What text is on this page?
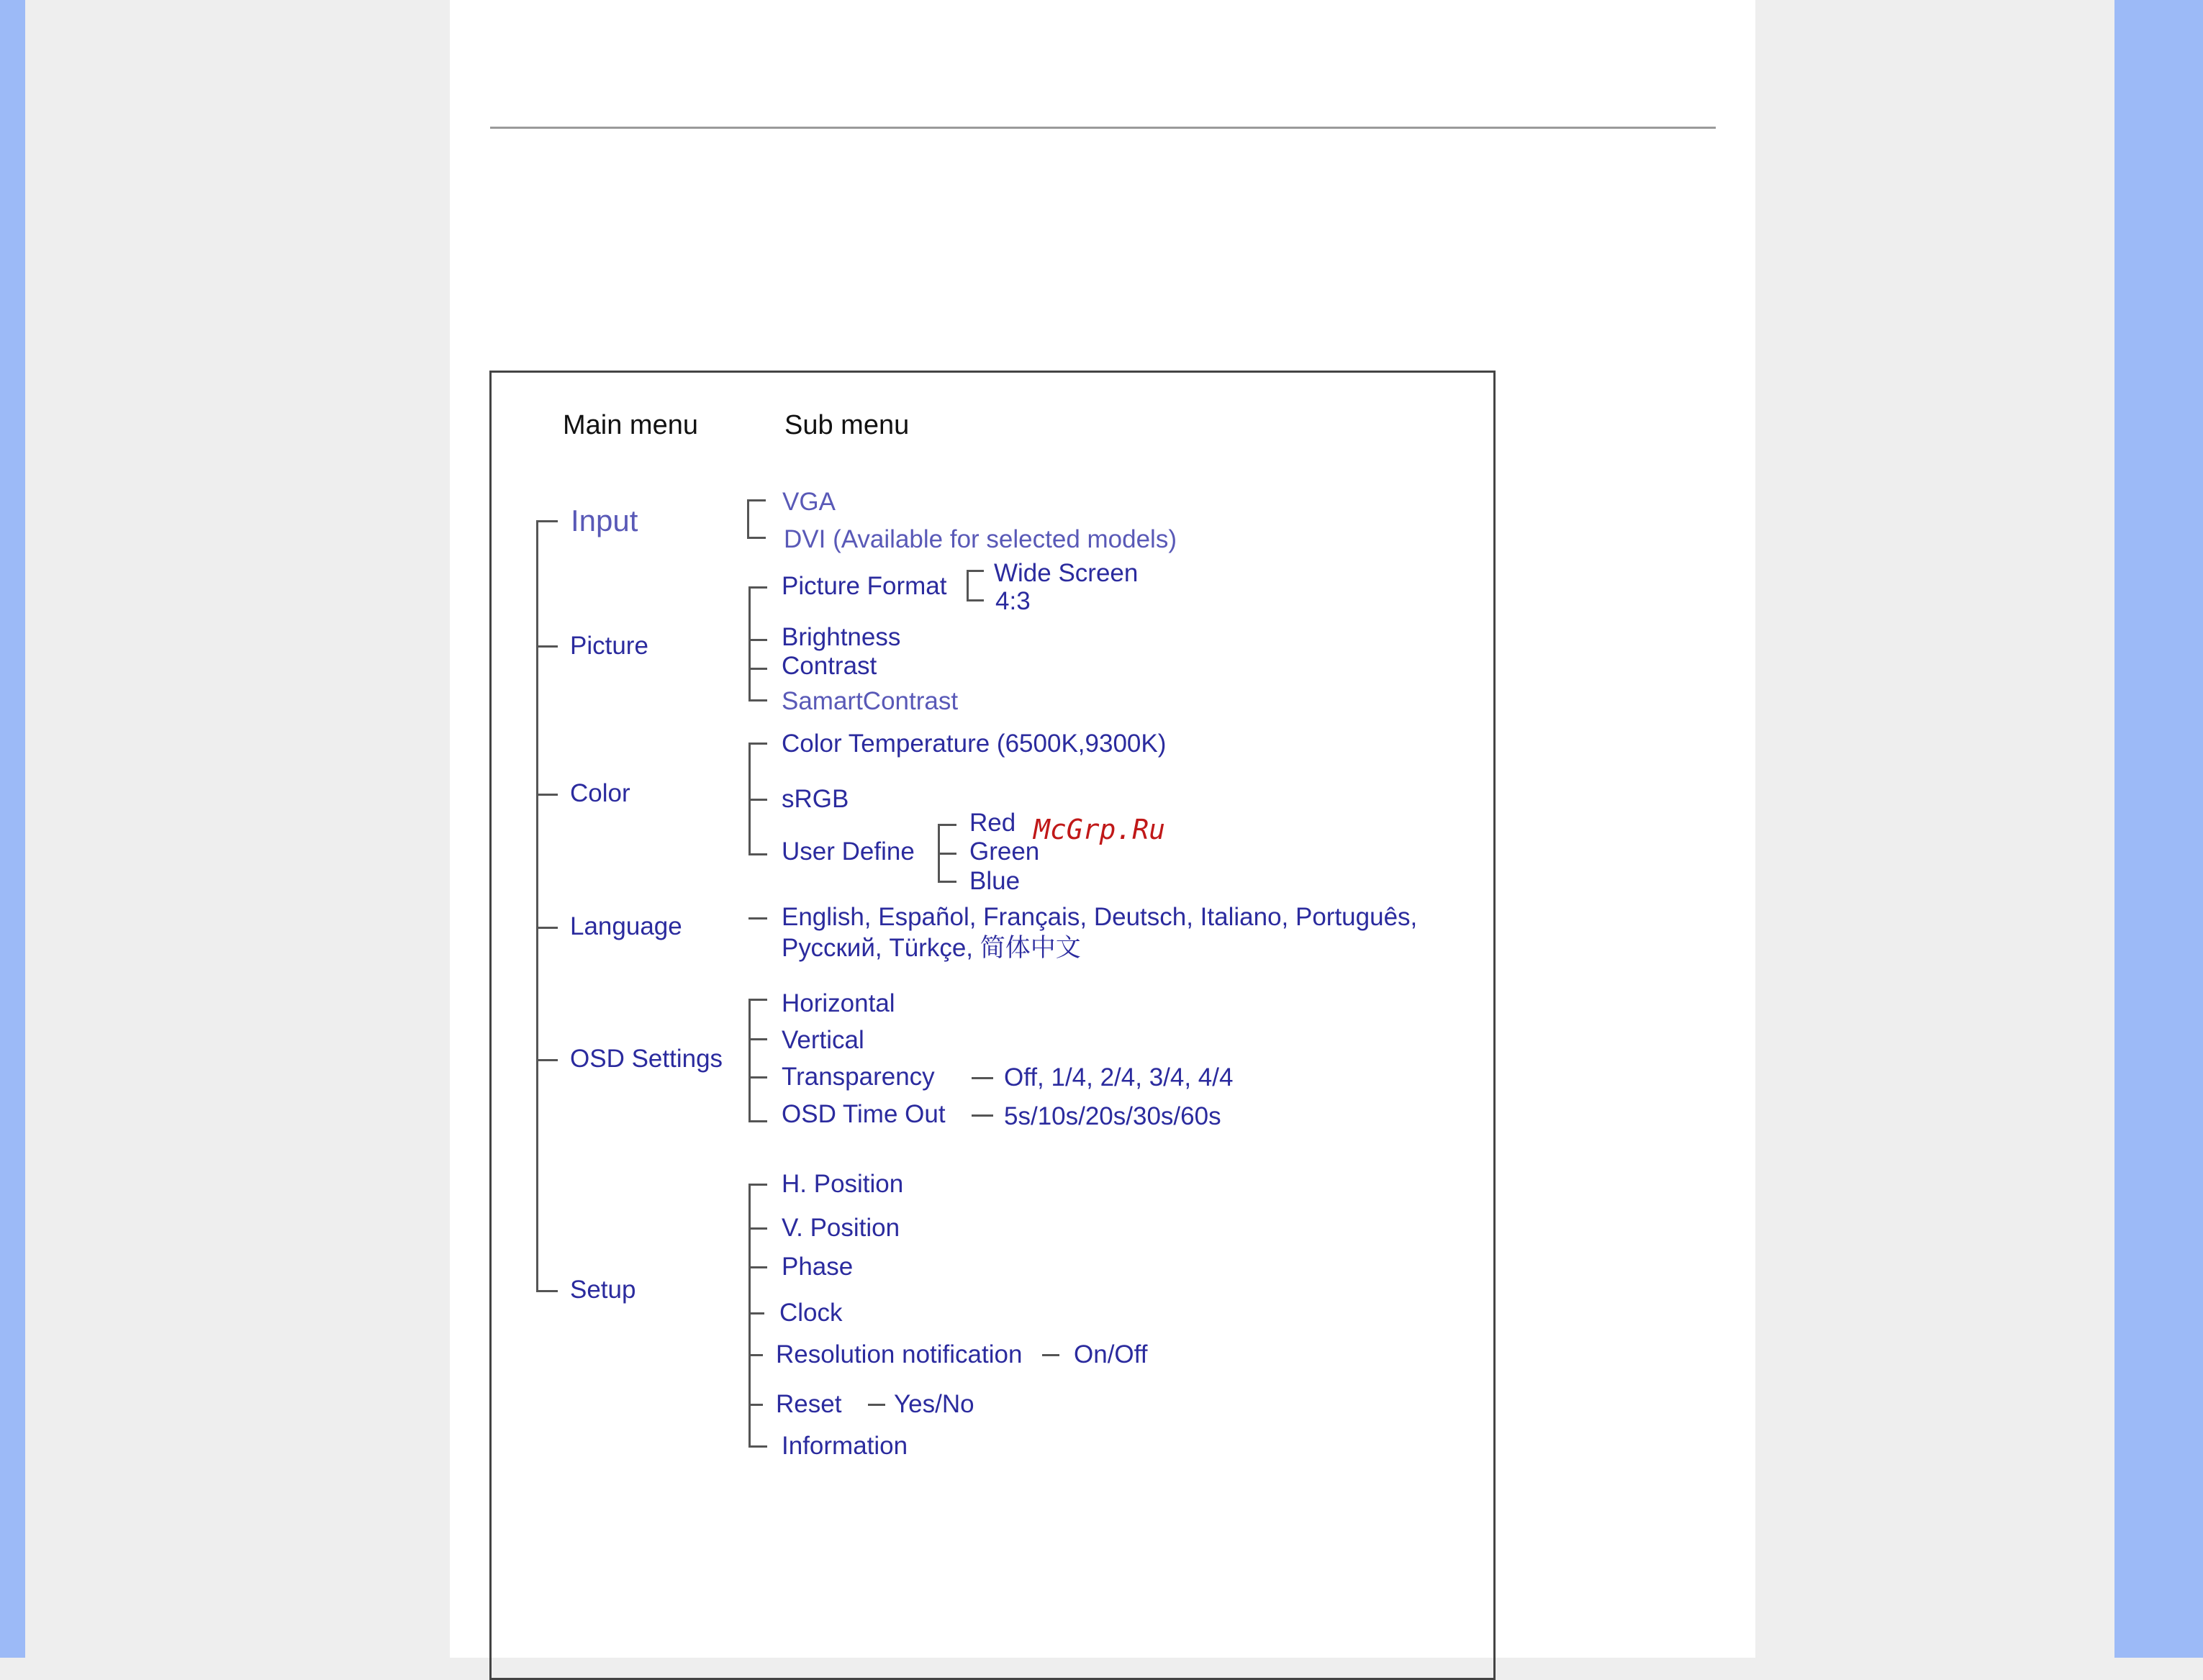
Main menu	Sub menu
Input
Picture
Color
Language
OSD Settings
Setup
VGA
DVI (Available for selected models)
Picture Format Wide Screen
4:3
Brightness
Contrast
SamartContrast
Color Temperature (6500K,9300K)
sRGB
User Define
Red
Green
Blue
McGrp.Ru
English, Español, Français, Deutsch, Italiano, Português,
Русский, Türkçe, 简体中文
Horizontal
Vertical
Transparency	Off, 1/4, 2/4, 3/4, 4/4
OSD Time Out 5s/10s/20s/30s/60s
H. Position
V. Position
Phase
Clock
Resolution notification On/Off
Reset Yes/No
Information
